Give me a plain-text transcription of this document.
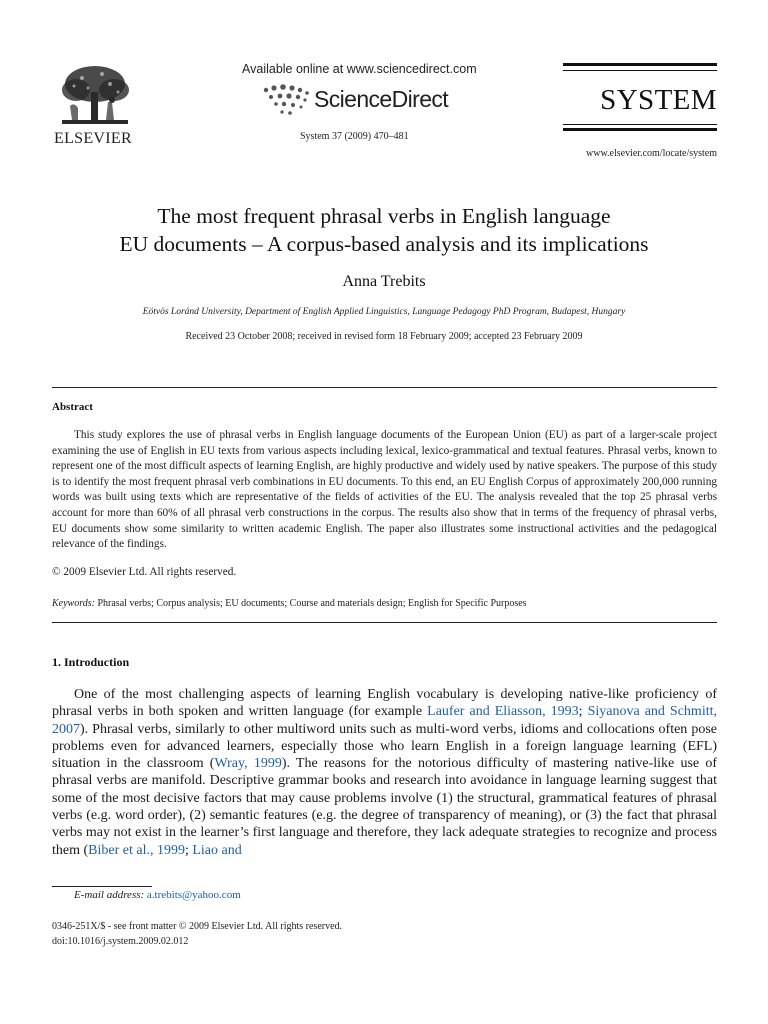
ELSEVIER
Available online at www.sciencedirect.com
ScienceDirect
System 37 (2009) 470–481
SYSTEM
www.elsevier.com/locate/system
The most frequent phrasal verbs in English language
EU documents – A corpus-based analysis and its implications
Anna Trebits
Eötvös Loránd University, Department of English Applied Linguistics, Language Pedagogy PhD Program, Budapest, Hungary
Received 23 October 2008; received in revised form 18 February 2009; accepted 23 February 2009
Abstract

This study explores the use of phrasal verbs in English language documents of the European Union (EU) as part of a larger-scale project examining the use of English in EU texts from various aspects including lexical, lexico-grammatical and textual features. Phrasal verbs, known to represent one of the most difficult aspects of learning English, are highly productive and widely used by native speakers. The purpose of this study is to identify the most frequent phrasal verb combinations in EU documents. To this end, an EU English Corpus of approximately 200,000 running words was built using texts which are representative of the fields of activities of the EU. The analysis revealed that the top 25 phrasal verbs account for more than 60% of all phrasal verb constructions in the corpus. The results also show that in terms of the frequency of phrasal verbs, EU documents show some similarity to written academic English. The paper also illustrates some instructional activities and the pedagogical relevance of the findings.

© 2009 Elsevier Ltd. All rights reserved.
Keywords: Phrasal verbs; Corpus analysis; EU documents; Course and materials design; English for Specific Purposes
1. Introduction

One of the most challenging aspects of learning English vocabulary is developing native-like proficiency of phrasal verbs in both spoken and written language (for example Laufer and Eliasson, 1993; Siyanova and Schmitt, 2007). Phrasal verbs, similarly to other multiword units such as multi-word verbs, idioms and collocations often pose problems even for advanced learners, especially those who learn English in a foreign language learning (EFL) situation in the classroom (Wray, 1999). The reasons for the notorious difficulty of mastering native-like use of phrasal verbs are manifold. Descriptive grammar books and research into avoidance in language learning suggest that some of the most decisive factors that may cause problems involve (1) the structural, grammatical features of phrasal verbs (e.g. word order), (2) semantic features (e.g. the degree of transparency of meaning), or (3) the fact that phrasal verbs may not exist in the learner’s first language and therefore, they lack adequate strategies to recognize and process them (Biber et al., 1999; Liao and

E-mail address: a.trebits@yahoo.com
0346-251X/$ - see front matter © 2009 Elsevier Ltd. All rights reserved.
doi:10.1016/j.system.2009.02.012
